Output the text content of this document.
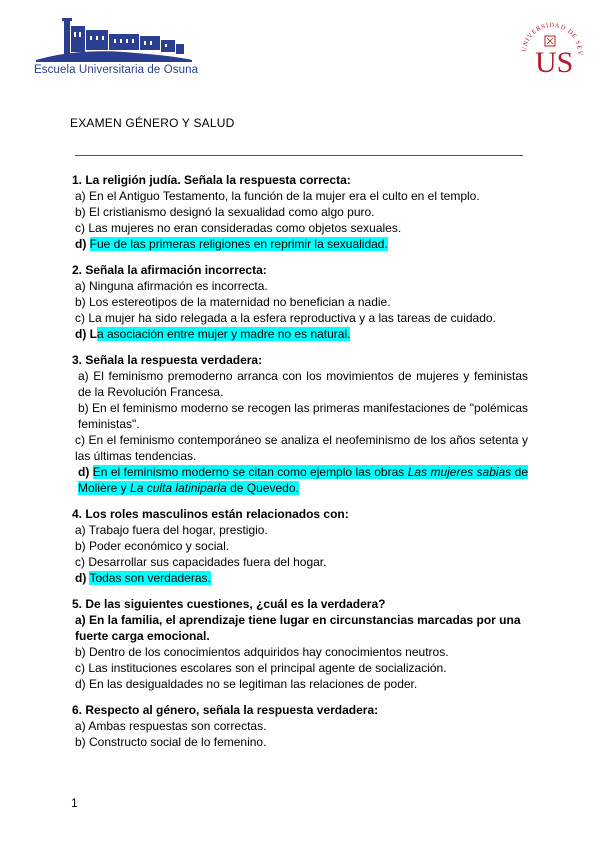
Escuela Universitaria de Osuna
UNIVERSIDAD DE SEV
US
EXAMEN GÉNERO Y SALUD
1. La religión judía. Señala la respuesta correcta:
a) En el Antiguo Testamento, la función de la mujer era el culto en el templo.
b) El cristianismo designó la sexualidad como algo puro.
c) Las mujeres no eran consideradas como objetos sexuales.
d) Fue de las primeras religiones en reprimir la sexualidad.
2. Señala la afirmación incorrecta:
a) Ninguna afirmación es incorrecta.
b) Los estereotipos de la maternidad no benefician a nadie.
c) La mujer ha sido relegada a la esfera reproductiva y a las tareas de cuidado.
d) La asociación entre mujer y madre no es natural.
3. Señala la respuesta verdadera:
a) El feminismo premoderno arranca con los movimientos de mujeres y feministas de la Revolución Francesa.
b) En el feminismo moderno se recogen las primeras manifestaciones de "polémicas feministas".
c) En el feminismo contemporáneo se analiza el neofeminismo de los años setenta y las últimas tendencias.
d) En el feminismo moderno se citan como ejemplo las obras Las mujeres sabias de Molière y La culta latiniparla de Quevedo.
4. Los roles masculinos están relacionados con:
a) Trabajo fuera del hogar, prestigio.
b) Poder económico y social.
c) Desarrollar sus capacidades fuera del hogar.
d) Todas son verdaderas.
5. De las siguientes cuestiones, ¿cuál es la verdadera?
a) En la familia, el aprendizaje tiene lugar en circunstancias marcadas por una fuerte carga emocional.
b) Dentro de los conocimientos adquiridos hay conocimientos neutros.
c) Las instituciones escolares son el principal agente de socialización.
d) En las desigualdades no se legitiman las relaciones de poder.
6. Respecto al género, señala la respuesta verdadera:
a) Ambas respuestas son correctas.
b) Constructo social de lo femenino.
1
